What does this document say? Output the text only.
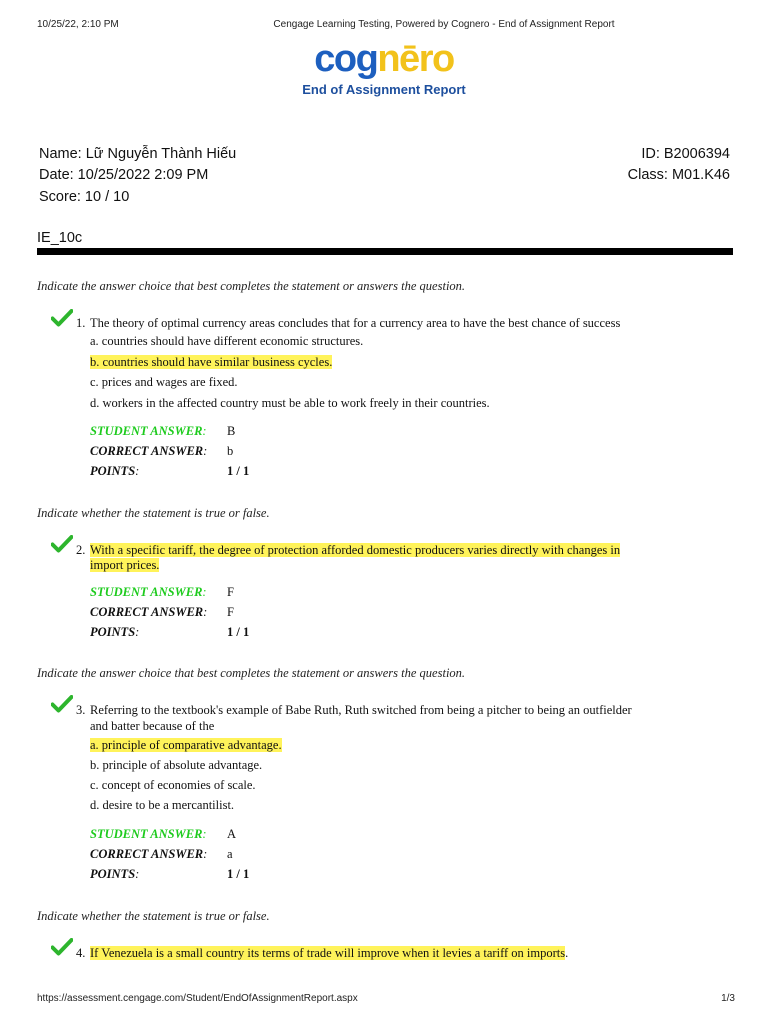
10/25/22, 2:10 PM	Cengage Learning Testing, Powered by Cognero - End of Assignment Report
cognēro
End of Assignment Report
Name: Lữ Nguyễn Thành Hiếu
Date: 10/25/2022 2:09 PM
Score: 10 / 10
ID: B2006394
Class: M01.K46
IE_10c
Indicate the answer choice that best completes the statement or answers the question.
1. The theory of optimal currency areas concludes that for a currency area to have the best chance of success
a. countries should have different economic structures.
b. countries should have similar business cycles.
c. prices and wages are fixed.
d. workers in the affected country must be able to work freely in their countries.
STUDENT ANSWER: B
CORRECT ANSWER: b
POINTS:	1 / 1
Indicate whether the statement is true or false.
2. With a specific tariff, the degree of protection afforded domestic producers varies directly with changes in
import prices.
STUDENT ANSWER: F
CORRECT ANSWER: F
POINTS:	1 / 1
Indicate the answer choice that best completes the statement or answers the question.
3. Referring to the textbook's example of Babe Ruth, Ruth switched from being a pitcher to being an outfielder
and batter because of the
a. principle of comparative advantage.
b. principle of absolute advantage.
c. concept of economies of scale.
d. desire to be a mercantilist.
STUDENT ANSWER: A
CORRECT ANSWER: a
POINTS:	1 / 1
Indicate whether the statement is true or false.
4. If Venezuela is a small country its terms of trade will improve when it levies a tariff on imports.
https://assessment.cengage.com/Student/EndOfAssignmentReport.aspx	1/3
